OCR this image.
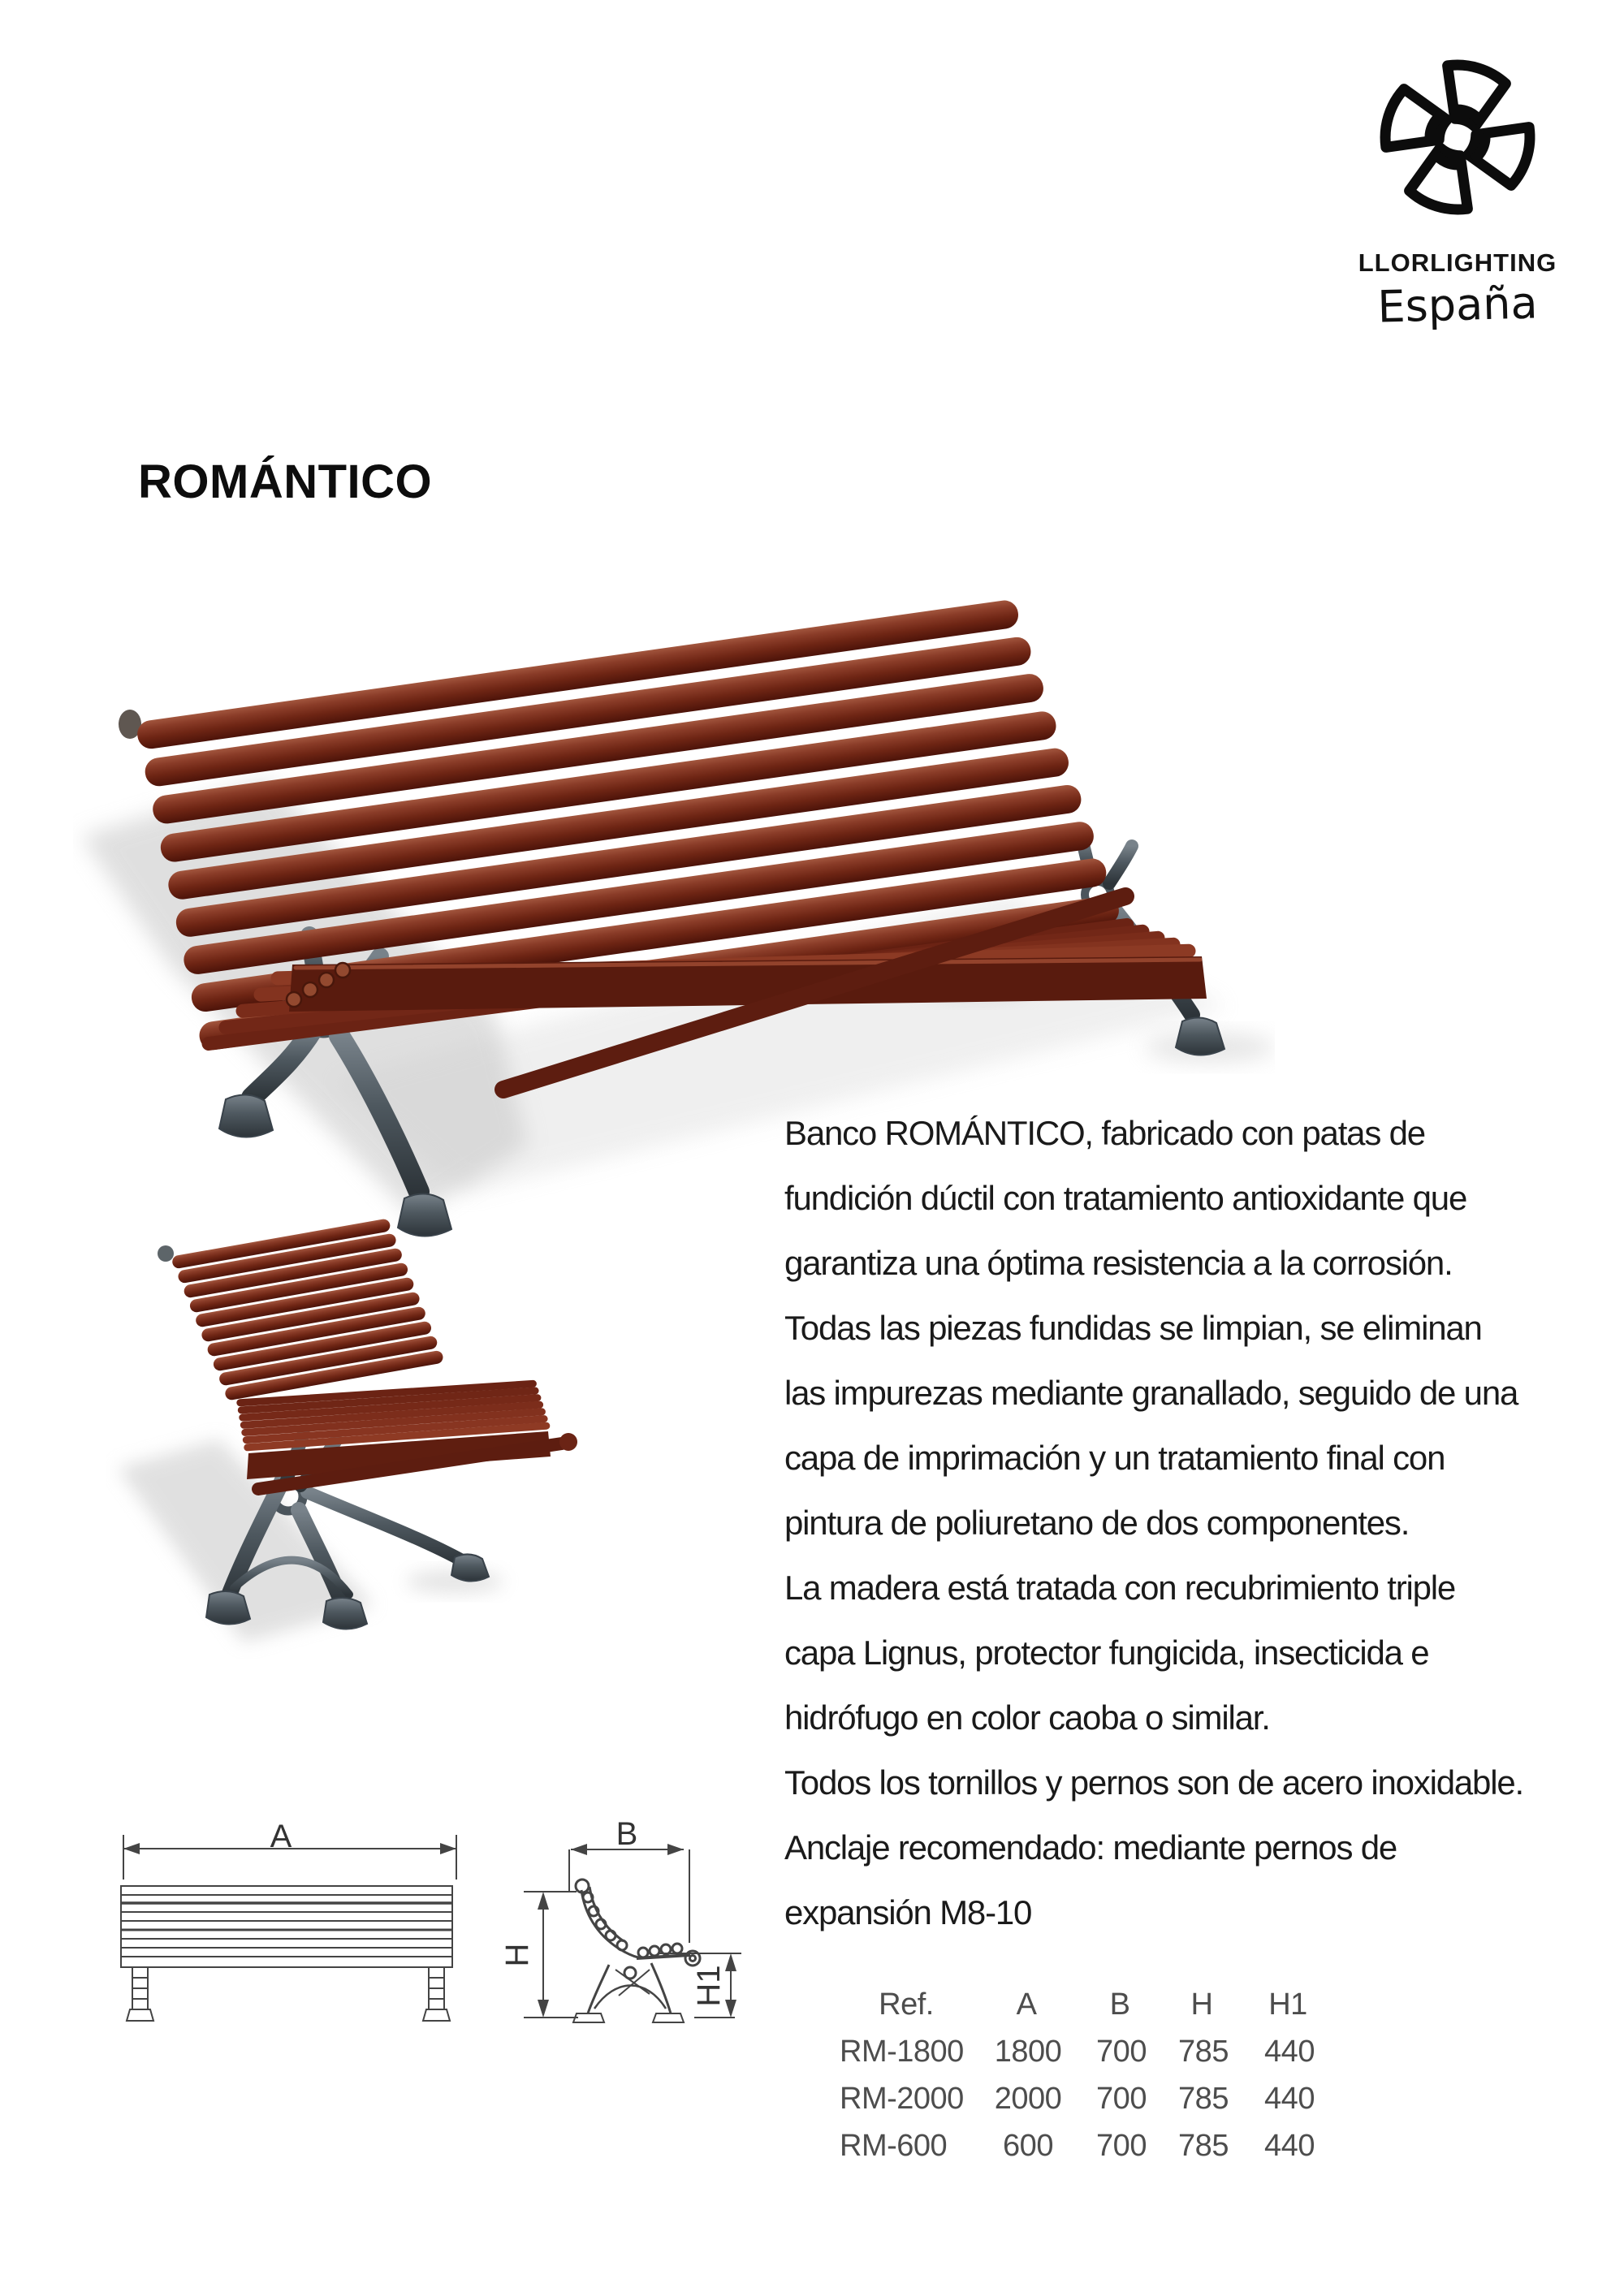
LLORLIGHTING
España
ROMÁNTICO
Banco ROMÁNTICO, fabricado con patas de
fundición dúctil con tratamiento antioxidante que
garantiza una óptima resistencia a la corrosión.
Todas las piezas fundidas se limpian, se eliminan
las impurezas mediante granallado, seguido de una
capa de imprimación y un tratamiento final con
pintura de poliuretano de dos componentes.
La madera está tratada con recubrimiento triple
capa Lignus, protector fungicida, insecticida e
hidrófugo en color caoba o similar.
Todos los tornillos y pernos son de acero inoxidable.
Anclaje recomendado: mediante pernos de
expansión M8-10
A	B
H
H1	Ref.	A	B	H	H1
RM-1800 1800	700	785	440
RM-2000 2000	700	785	440
RM-600	600	700	785	440
